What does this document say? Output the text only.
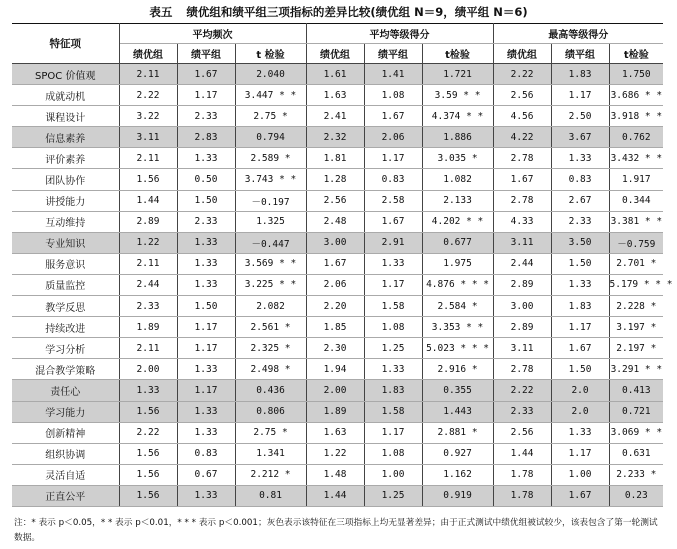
表五 绩优组和绩平组三项指标的差异比较(绩优组 N＝9，绩平组 N＝6)
特征项	平均频次			平均等级得分			最高等级得分		
	绩优组	绩平组	t 检验	绩优组	绩平组	t检验	绩优组	绩平组	t检验
SPOC 价值观	2.11	1.67	2.040	1.61	1.41	1.721	2.22	1.83	1.750
成就动机	2.22	1.17	3.447 * *	1.63	1.08	3.59 * *	2.56	1.17	3.686 * *
课程设计	3.22	2.33	2.75 *	2.41	1.67	4.374 * *	4.56	2.50	3.918 * *
信息素养	3.11	2.83	0.794	2.32	2.06	1.886	4.22	3.67	0.762
评价素养	2.11	1.33	2.589 *	1.81	1.17	3.035 *	2.78	1.33	3.432 * *
团队协作	1.56	0.50	3.743 * *	1.28	0.83	1.082	1.67	0.83	1.917
讲授能力	1.44	1.50	－0.197	2.56	2.58	2.133	2.78	2.67	0.344
互动维持	2.89	2.33	1.325	2.48	1.67	4.202 * *	4.33	2.33	3.381 * *
专业知识	1.22	1.33	－0.447	3.00	2.91	0.677	3.11	3.50	－0.759
服务意识	2.11	1.33	3.569 * *	1.67	1.33	1.975	2.44	1.50	2.701 *
质量监控	2.44	1.33	3.225 * *	2.06	1.17	4.876 * * *	2.89	1.33	5.179 * * *
教学反思	2.33	1.50	2.082	2.20	1.58	2.584 *	3.00	1.83	2.228 *
持续改进	1.89	1.17	2.561 *	1.85	1.08	3.353 * *	2.89	1.17	3.197 *
学习分析	2.11	1.17	2.325 *	2.30	1.25	5.023 * * *	3.11	1.67	2.197 *
混合教学策略	2.00	1.33	2.498 *	1.94	1.33	2.916 *	2.78	1.50	3.291 * *
责任心	1.33	1.17	0.436	2.00	1.83	0.355	2.22	2.0	0.413
学习能力	1.56	1.33	0.806	1.89	1.58	1.443	2.33	2.0	0.721
创新精神	2.22	1.33	2.75 *	1.63	1.17	2.881 *	2.56	1.33	3.069 * *
组织协调	1.56	0.83	1.341	1.22	1.08	0.927	1.44	1.17	0.631
灵活自适	1.56	0.67	2.212 *	1.48	1.00	1.162	1.78	1.00	2.233 *
正直公平	1.56	1.33	0.81	1.44	1.25	0.919	1.78	1.67	0.23
注：* 表示 p＜0.05，* * 表示 p＜0.01，* * * 表示 p＜0.001；灰色表示该特征在三项指标上均无显著差异；由于正式测试中绩优组被试较少，该表包含了第一轮测试数据。
